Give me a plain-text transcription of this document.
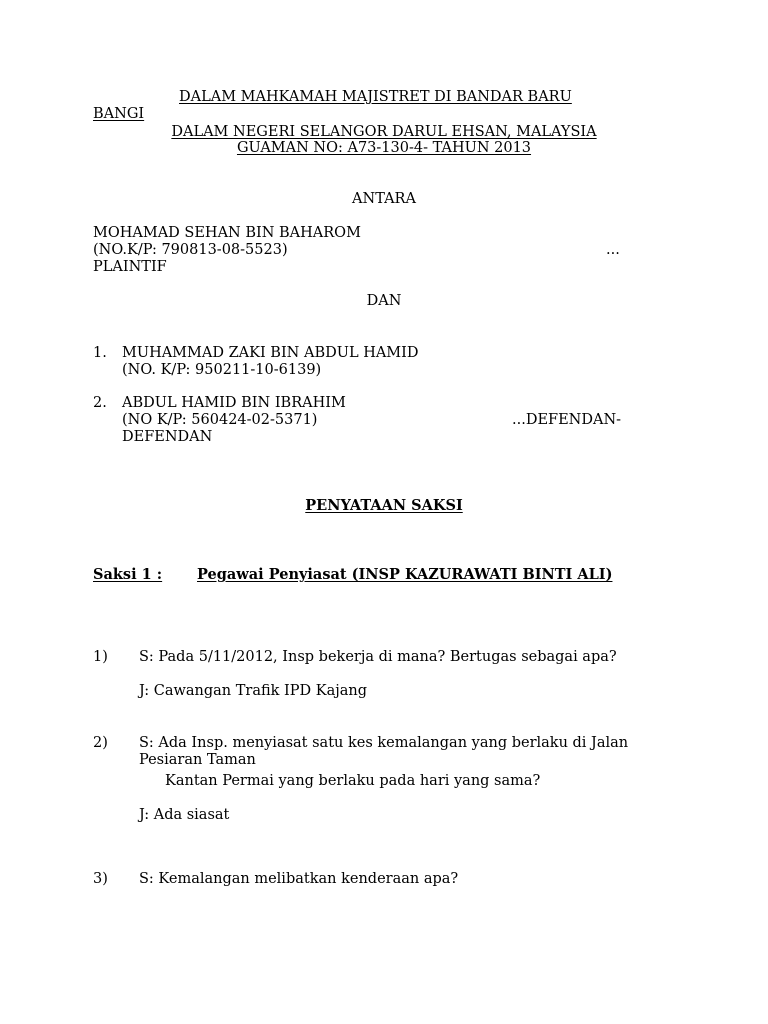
DALAM MAHKAMAH MAJISTRET DI BANDAR BARU
BANGI
DALAM NEGERI SELANGOR DARUL EHSAN, MALAYSIA
GUAMAN NO: A73-130-4- TAHUN 2013
ANTARA
MOHAMAD SEHAN BIN BAHAROM
(NO.K/P: 790813-08-5523)	...
PLAINTIF
DAN
1. MUHAMMAD ZAKI BIN ABDUL HAMID
(NO. K/P: 950211-10-6139)
2. ABDUL HAMID BIN IBRAHIM
(NO K/P: 560424-02-5371)	...DEFENDAN-
DEFENDAN
PENYATAAN SAKSI
Saksi 1 : Pegawai Penyiasat (INSP KAZURAWATI BINTI ALI)
1) S: Pada 5/11/2012, Insp bekerja di mana? Bertugas sebagai apa?
J: Cawangan Trafik IPD Kajang
2) S: Ada Insp. menyiasat satu kes kemalangan yang berlaku di Jalan
Pesiaran Taman
Kantan Permai yang berlaku pada hari yang sama?
J: Ada siasat
3) S: Kemalangan melibatkan kenderaan apa?
